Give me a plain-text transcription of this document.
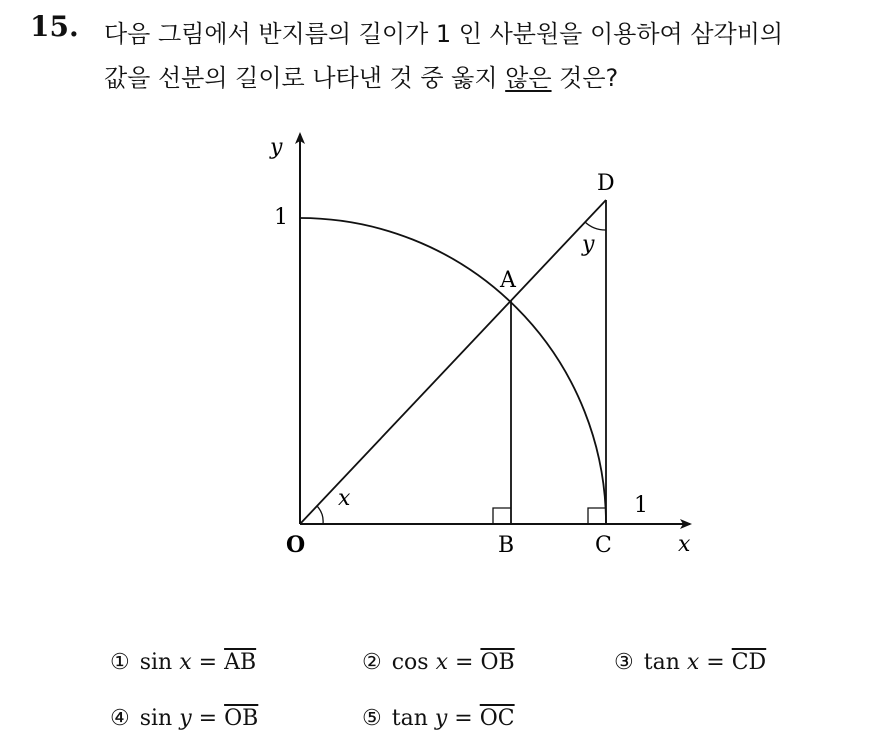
15. 다음 그림에서 반지름의 길이가 1 인 사분원을 이용하여 삼각비의
값을 선분의 길이로 나타낸 것 중 옳지 않은 것은?
y
x
1
1
O	B	C
D
A
x
y
① $\sin x = \overline{AB}$	② $\cos x = \overline{OB}$	③ $\tan x = \overline{CD}$
④ $\sin y = \overline{OB}$	⑤ $\tan y = \overline{OC}$
